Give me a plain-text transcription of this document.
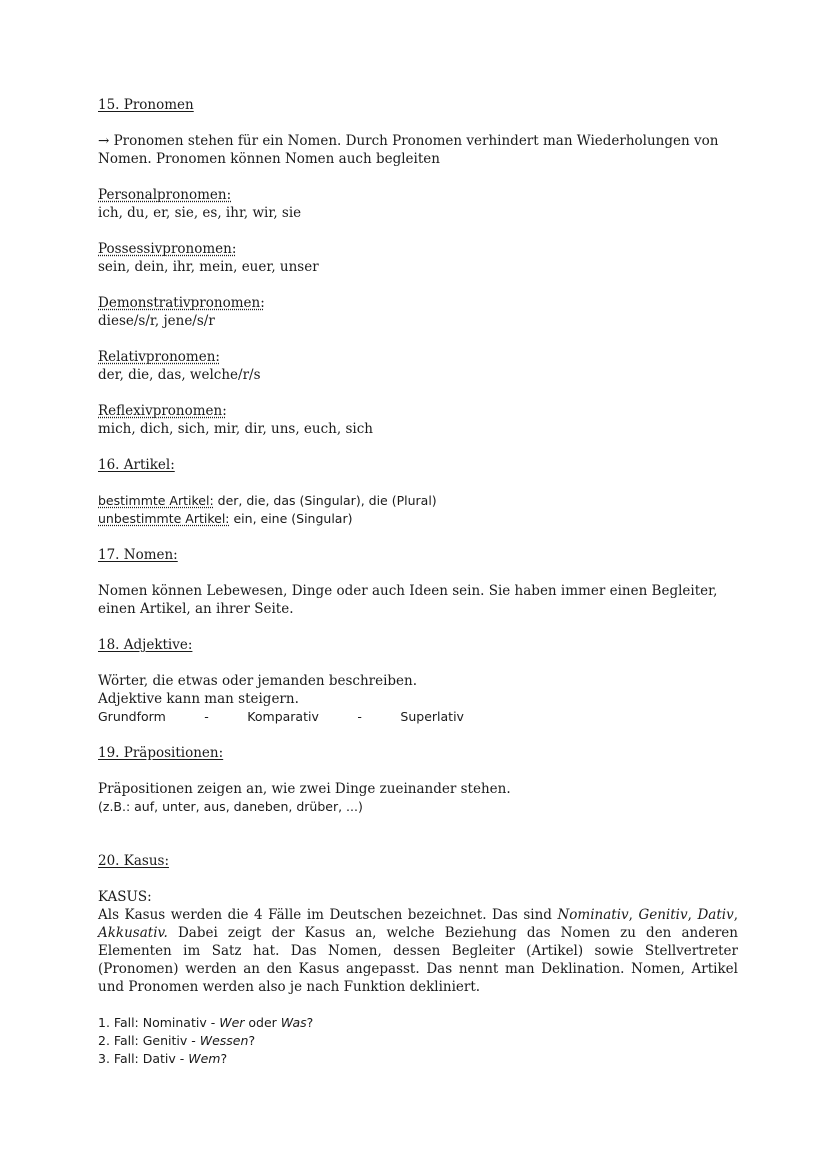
15. Pronomen
→ Pronomen stehen für ein Nomen. Durch Pronomen verhindert man Wiederholungen von Nomen. Pronomen können Nomen auch begleiten
Personalpronomen:
ich, du, er, sie, es, ihr, wir, sie
Possessivpronomen:
sein, dein, ihr, mein, euer, unser
Demonstrativpronomen:
diese/s/r, jene/s/r
Relativpronomen:
der, die, das, welche/r/s
Reflexivpronomen:
mich, dich, sich, mir, dir, uns, euch, sich
16. Artikel:
bestimmte Artikel: der, die, das (Singular), die (Plural)
unbestimmte Artikel: ein, eine (Singular)
17. Nomen:
Nomen können Lebewesen, Dinge oder auch Ideen sein. Sie haben immer einen Begleiter, einen Artikel, an ihrer Seite.
18. Adjektive:
Wörter, die etwas oder jemanden beschreiben.
Adjektive kann man steigern.
Grundform	-	Komparativ	-	Superlativ
19. Präpositionen:
Präpositionen zeigen an, wie zwei Dinge zueinander stehen.
(z.B.: auf, unter, aus, daneben, drüber, ...)
20. Kasus:
KASUS:
Als Kasus werden die 4 Fälle im Deutschen bezeichnet. Das sind Nominativ, Genitiv, Dativ, Akkusativ. Dabei zeigt der Kasus an, welche Beziehung das Nomen zu den anderen Elementen im Satz hat. Das Nomen, dessen Begleiter (Artikel) sowie Stellvertreter (Pronomen) werden an den Kasus angepasst. Das nennt man Deklination. Nomen, Artikel und Pronomen werden also je nach Funktion dekliniert.
1. Fall: Nominativ - Wer oder Was?
2. Fall: Genitiv - Wessen?
3. Fall: Dativ - Wem?
